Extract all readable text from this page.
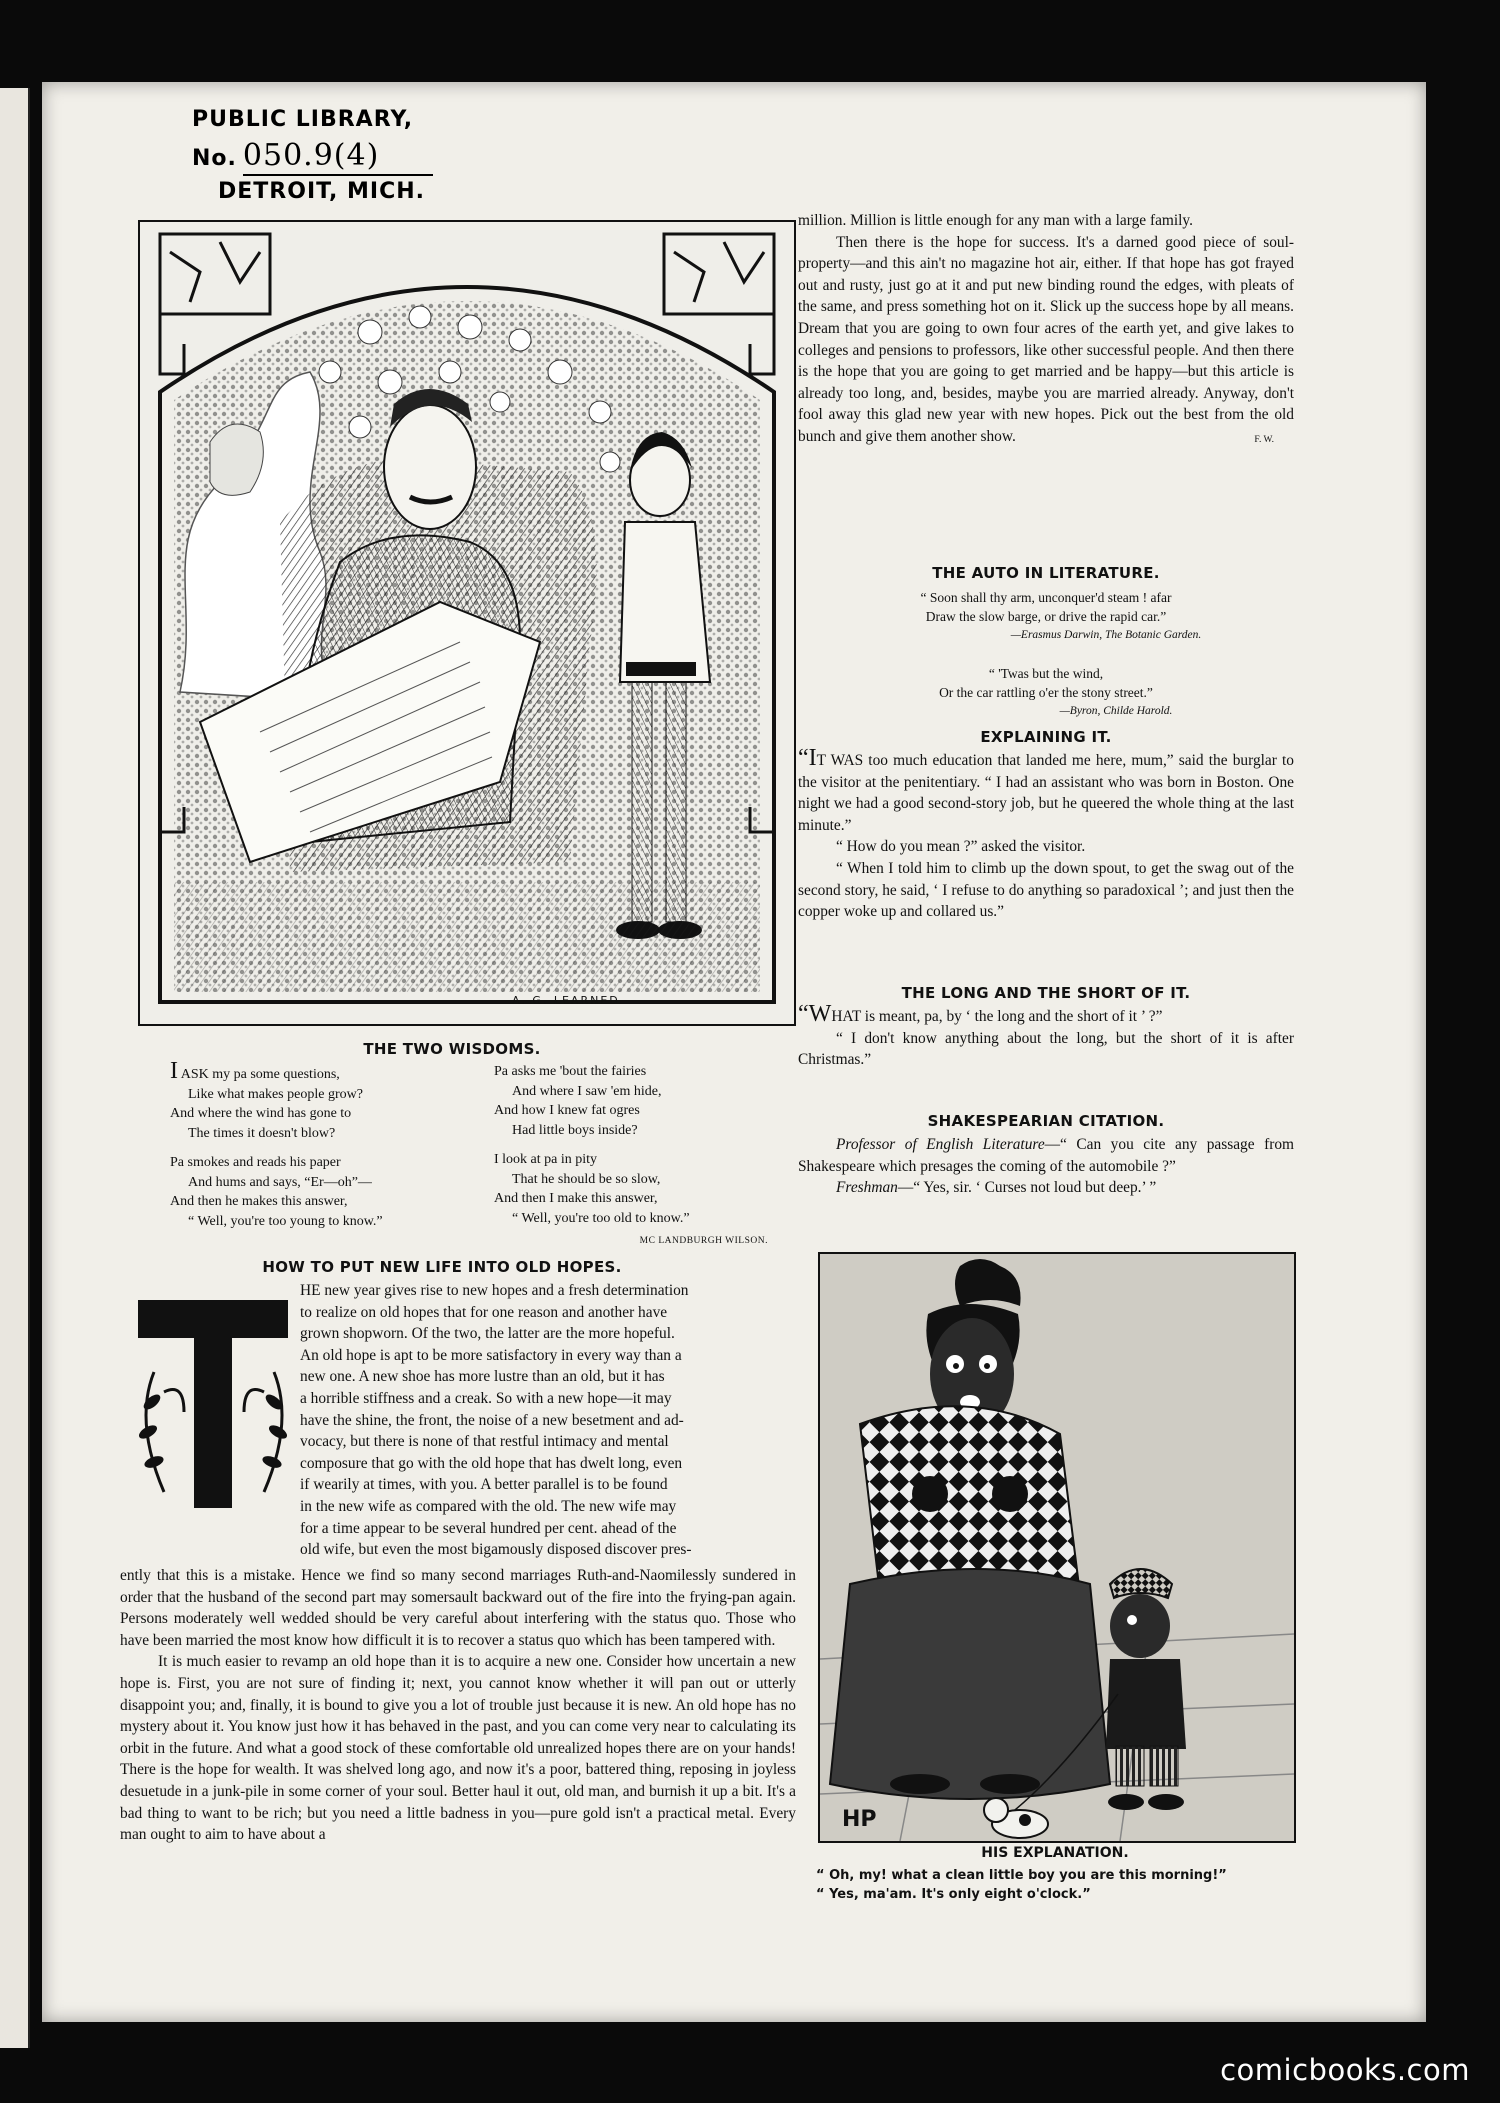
PUBLIC LIBRARY,
No. 050.9(4)
DETROIT, MICH.
A. G. LEARNED
THE TWO WISDOMS.
I ASK my pa some questions,
Like what makes people grow?
And where the wind has gone to
The times it doesn't blow?
Pa smokes and reads his paper
And hums and says, “Er—oh”—
And then he makes this answer,
“ Well, you're too young to know.”
Pa asks me 'bout the fairies
And where I saw 'em hide,
And how I knew fat ogres
Had little boys inside?
I look at pa in pity
That he should be so slow,
And then I make this answer,
“ Well, you're too old to know.”
MC LANDBURGH WILSON.
HOW TO PUT NEW LIFE INTO OLD HOPES.
T
HE new year gives rise to new hopes and a fresh determination
to realize on old hopes that for one reason and another have
grown shopworn. Of the two, the latter are the more hopeful.
An old hope is apt to be more satisfactory in every way than a
new one. A new shoe has more lustre than an old, but it has
a horrible stiffness and a creak. So with a new hope—it may
have the shine, the front, the noise of a new besetment and ad-
vocacy, but there is none of that restful intimacy and mental
composure that go with the old hope that has dwelt long, even
if wearily at times, with you. A better parallel is to be found
in the new wife as compared with the old. The new wife may
for a time appear to be several hundred per cent. ahead of the
old wife, but even the most bigamously disposed discover pres-

ently that this is a mistake. Hence we find so many second marriages Ruth-and-Naomilessly sundered in order that the husband of the second part may somersault backward out of the fire into the frying-pan again. Persons moderately well wedded should be very careful about interfering with the status quo. Those who have been married the most know how difficult it is to recover a status quo which has been tampered with.

It is much easier to revamp an old hope than it is to acquire a new one. Consider how uncertain a new hope is. First, you are not sure of finding it; next, you cannot know whether it will pan out or utterly disappoint you; and, finally, it is bound to give you a lot of trouble just because it is new. An old hope has no mystery about it. You know just how it has behaved in the past, and you can come very near to calculating its orbit in the future. And what a good stock of these comfortable old unrealized hopes there are on your hands! There is the hope for wealth. It was shelved long ago, and now it's a poor, battered thing, reposing in joyless desuetude in a junk-pile in some corner of your soul. Better haul it out, old man, and burnish it up a bit. It's a bad thing to want to be rich; but you need a little badness in you—pure gold isn't a practical metal. Every man ought to aim to have about a

million. Million is little enough for any man with a large family.

Then there is the hope for success. It's a darned good piece of soul-property—and this ain't no magazine hot air, either. If that hope has got frayed out and rusty, just go at it and put new binding round the edges, with pleats of the same, and press something hot on it. Slick up the success hope by all means. Dream that you are going to own four acres of the earth yet, and give lakes to colleges and pensions to professors, like other successful people. And then there is the hope that you are going to get married and be happy—but this article is already too long, and, besides, maybe you are married already. Anyway, don't fool away this glad new year with new hopes. Pick out the best from the old bunch and give them another show.	F. W.
THE AUTO IN LITERATURE.
“ Soon shall thy arm, unconquer'd steam ! afar
Draw the slow barge, or drive the rapid car.”
—Erasmus Darwin, The Botanic Garden.
“ 'Twas but the wind,
Or the car rattling o'er the stony street.”
—Byron, Childe Harold.
EXPLAINING IT.

“IT WAS too much education that landed me here, mum,” said the burglar to the visitor at the penitentiary. “ I had an assistant who was born in Boston. One night we had a good second-story job, but he queered the whole thing at the last minute.”

“ How do you mean ?” asked the visitor.

“ When I told him to climb up the down spout, to get the swag out of the second story, he said, ‘ I refuse to do anything so paradoxical ’; and just then the copper woke up and collared us.”

THE LONG AND THE SHORT OF IT.

“WHAT is meant, pa, by ‘ the long and the short of it ’ ?”

“ I don't know anything about the long, but the short of it is after Christmas.”

SHAKESPEARIAN CITATION.

Professor of English Literature—“ Can you cite any passage from Shakespeare which presages the coming of the automobile ?”

Freshman—“ Yes, sir. ‘ Curses not loud but deep.’ ”

HP
HIS EXPLANATION.
“ Oh, my! what a clean little boy you are this morning!”
“ Yes, ma'am. It's only eight o'clock.”
comicbooks.com
